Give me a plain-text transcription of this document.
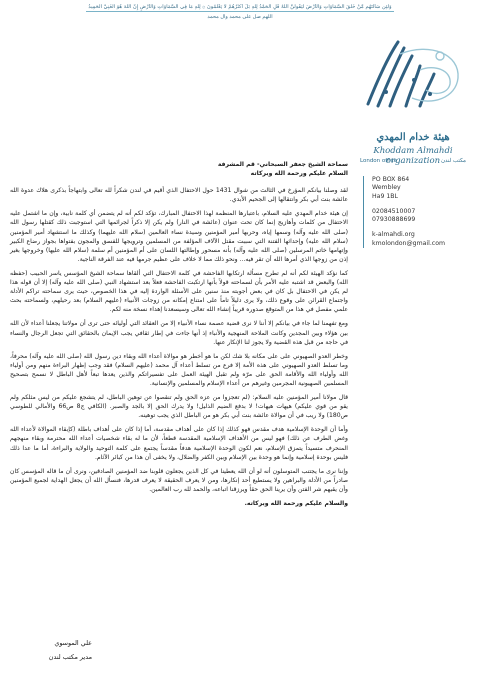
وَلَئِن سَأَلْتَهُم مَّنْ خَلَقَ السَّمَاوَاتِ وَالْأَرْضَ لَيَقُولُنَّ اللَّهُ قُلِ الْحَمْدُ لِلَّهِ بَلْ أَكْثَرُهُمْ لَا يَعْلَمُونَ ۞ لِلَّهِ مَا فِي السَّمَاوَاتِ وَالْأَرْضِ إِنَّ اللَّهَ هُوَ الْغَنِيُّ الْحَمِيدُ
اللهم صل على محمد وآل محمد
هيئة خدام المهدي
Khoddam Almahdi organization
London office	مكتب لندن
PO BOX 864
Wembley
Ha9 1BL
02084510007
07930888699
k-almahdi.org
kmolondon@gmail.com

سماحة الشيخ جعفر السبحاني- قم المشرفة

السلام عليكم ورحمة الله وبركاته

لقد وصلنا بيانكم المؤرخ في الثالث من شوال 1431 حول الاحتفال الذي أقيم في لندن شكراً لله تعالى وابتهاجاً بذكرى هلاك عدوة الله عائشة بنت أبي بكر وانتقالها إلى الجحيم الأبدي.

إن هيئة خدام المهدي عليه السلام، باعتبارها المنظمة لهذا الاحتفال المبارك، تؤكد لكم أنه لم يتضمن أي كلمة نابية، وإن ما اشتمل عليه الاحتفال من كلمات وأهازيج إنما كان تحت عنوان (عائشة في النار) ولم يكن إلا ذكراً لجرائمها التي استوجبت ذلك كقتلها رسول الله (صلى الله عليه وآله) وسمها إياه، وحربها أمير المؤمنين وسيدة نساء العالمين (سلام الله عليهما) وكذلك ما استشهاد أمير المؤمنين (سلام الله عليه) وإحداثها الفتنة التي سببت مقتل الآلاف المؤلفة من المسلمين وترويجها للفسق والمجون بفتواها بجواز رضاع الكبير وإتهامها خاتم المرسلين (صلى الله عليه وآله) بأنه مسحور وإطالتها اللسان على أم المؤمنين أم سلمة (سلام الله عليها) وخروجها بغير إذن من زوجها الذي أمرها الله أن تقر فيه... ونحو ذلك مما لا خلاف على عظيم جرمها فيه عند الفرقة الناجية.

كما نؤكد الهيئة لكم أنه لم تطرح مسألة ارتكابها الفاحشة في كلمة الاحتفال التي ألقاها سماحة الشيخ المؤسس ياسر الحبيب (حفظه الله) والبعض قد اشتبه عليه الأمر بأن لسماحته قولاً بأنها ارتكبت الفاحشة فعلاً بعد استشهاد النبي (صلى الله عليه وآله) إلا أن قوله هذا لم يكن في الاحتفال بل كان في بعض أجوبته منذ سنين على الأسئلة الواردة إليه في هذا الخصوص، حيث يرى سماحته تراكم الأدلة واجتماع القرائن على وقوع ذلك، ولا يرى دليلاً تاماً على امتناع إمكانه من زوجات الأنبياء (عليهم السلام) بعد رحيلهم، ولسماحته بحث علمي مفصل في هذا من المتوقع صدوره قريباً إنشاء الله تعالى وسيسعدنا إهداء نسخة منه لكم.

ومع تفهمنا لما جاء في بيانكم إلا أننا لا نرى قضية عصمة نساء الأنبياء إلا من العقائد التي أوليائه حتى ترى أن مولاتنا يجعلنا أعداء لأن الله بين هؤلاء وبين المجدين وكانت الملاحة المنهجية والأنباء إذ أنها جاءت في إطار ثقافي يجب الإيمان بالحقائق التي تجعل الرجال والنساء في حاجة من قبل هذه القضية ولا يجوز لنا الإنكار عنها.

وخطر العدو الصهيوني على على مكانه بلا شك لكن ما هو أخطر هو موالاة أعداء الله وبقاء دين رسول الله (صلى الله عليه وآله) محرفاً، وما تسلط العدو الصهيوني على هذه الأمة إلا فرع من تسلط أعداء آل محمد (عليهم السلام) فقد وجب إظهار البراءة منهم ومن أولياء الله وأولياء الله والأقامة الحق على مرّه ولم تقبل الهيئة العمل على تفسيراتكم والذين يعدها تبعاً لأهل الباطل لا نسمح بتصحيح المسلمين الصهيونية المجرمين وغيرهم من أعداء الإسلام والمسلمين والإنسانية.

قال مولانا أمير المؤمنين عليه السلام: (لم تعجزوا من عزه الحق ولم تنقصوا عن توهين الباطل، لم يتشجع عليكم من ليس مثلكم ولم يقو من قوي عليكم) هيهات هيهات! لا بدفع الضيم الذليل! ولا يدرك الحق إلا بالجد والصبر. (الكافي ج8 ص66 والأمالي للطوسي ص180) ولا ريب في أن موالاة عائشة بنت أبي بكر هو من الباطل الذي يجب توهينه.

وأما أن الوحدة الإسلامية هدف مقدس فهو كذلك إذا كان على أهداف مقدسة، أما إذا كان على أهداف باطلة (كإبقاء الموالاة لأعداء الله وغض الطرف عن ذلك) فهو ليس من الأهداف الإسلامية المقدسة قطعاً، لأن ما له بقاء شخصيات أعداء الله محترمة وبقاء منهجهم المنحرف متسيداً يتمزق الإسلام، نعم لكون الوحدة الإسلامية هدفاً مقدساً يجتمع على كلمة التوحيد والولاية والبراءة، أما ما عدا ذلك فليس بوحدة إسلامية وإنما هو وحدة بين الإسلام وبين الكفر والضلال، ولا يخفى أن هذا من كبائر الآثام.

وإننا نرى ما يجتنب المتوسلون أنه لو أن الله يعطينا في كل الذين يجعلون قلوبنا ضد المؤمنين الصادقين، ونرى أن ما قاله المؤسس كان صادراً من الأدلة والبراهين ولا يستطيع أحد إنكارها، ومن لا يعرف الحقيقة لا يعرف قدرها، فنسأل الله أن يجعل الهداية لجميع المؤمنين وأن يقيهم شر الفتن وأن يرينا الحق حقاً ويرزقنا اتباعه، والحمد لله رب العالمين.

والسلام عليكم ورحمة الله وبركاته.

علي الموسوي
مدير مكتب لندن
